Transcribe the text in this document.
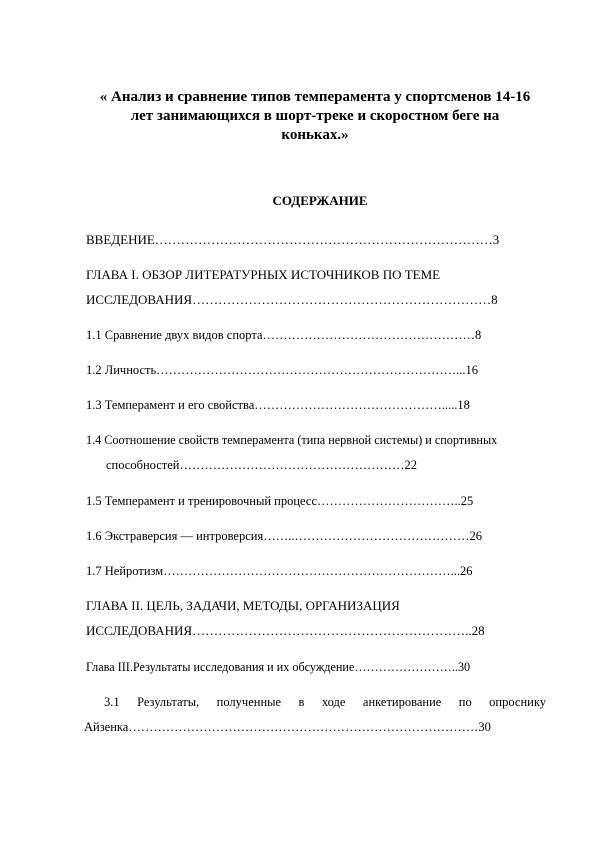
« Анализ и сравнение типов темперамента у спортсменов 14-16
лет занимающихся в шорт-треке и скоростном беге на
коньках.»
СОДЕРЖАНИЕ
ВВЕДЕНИЕ……………………………………………………………………3
ГЛАВА I. ОБЗОР ЛИТЕРАТУРНЫХ ИСТОЧНИКОВ ПО ТЕМЕ
ИССЛЕДОВАНИЯ……………………………………………………………8
1.1 Сравнение двух видов спорта……………………………………………8
1.2 Личность………………………………………………………………...16
1.3 Темперамент и его свойства……………………………………….....18
1.4 Соотношение свойств темперамента (типа нервной системы) и спортивных
способностей………………………………………………22
1.5 Темперамент и тренировочный процесс……………………………..25
1.6 Экстраверсия — интроверсия……..……………………………………26
1.7 Нейротизм……………………………………………………………...26
ГЛАВА II. ЦЕЛЬ, ЗАДАЧИ, МЕТОДЫ, ОРГАНИЗАЦИЯ
ИССЛЕДОВАНИЯ………………………………………………………..28
Глава III.Результаты исследования и их обсуждение……………………..30
3.1 Результаты, полученные в ходе анкетирование по опроснику
Айзенка…………………………………………………………………………30
